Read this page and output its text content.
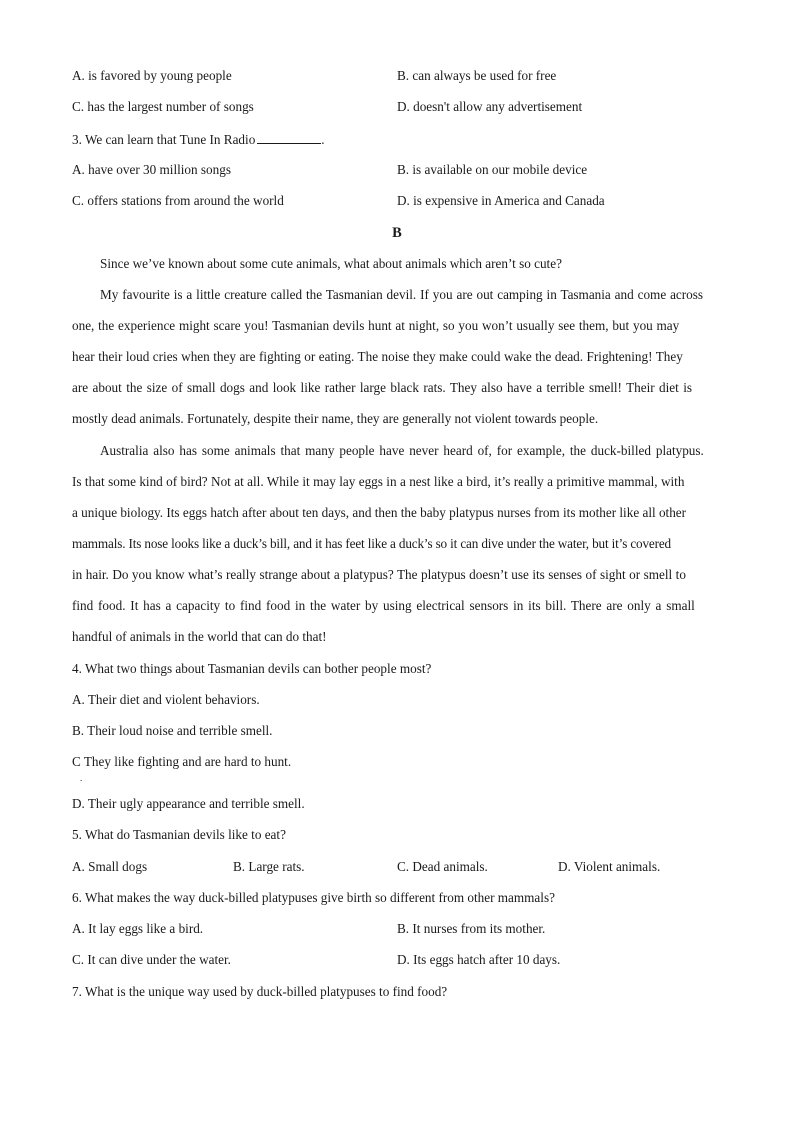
A. is favored by young people	B. can always be used for free
C. has the largest number of songs	D. doesn't allow any advertisement
3. We can learn that Tune In Radio	.
A. have over 30 million songs	B. is available on our mobile device
C. offers stations from around the world	D. is expensive in America and Canada
B
Since we’ve known about some cute animals, what about animals which aren’t so cute?
My favourite is a little creature called the Tasmanian devil. If you are out camping in Tasmania and come across
one, the experience might scare you! Tasmanian devils hunt at night, so you won’t usually see them, but you may
hear their loud cries when they are fighting or eating. The noise they make could wake the dead. Frightening! They
are about the size of small dogs and look like rather large black rats. They also have a terrible smell! Their diet is
mostly dead animals. Fortunately, despite their name, they are generally not violent towards people.
Australia also has some animals that many people have never heard of, for example, the duck-billed platypus.
Is that some kind of bird? Not at all. While it may lay eggs in a nest like a bird, it’s really a primitive mammal, with
a unique biology. Its eggs hatch after about ten days, and then the baby platypus nurses from its mother like all other
mammals. Its nose looks like a duck’s bill, and it has feet like a duck’s so it can dive under the water, but it’s covered
in hair. Do you know what’s really strange about a platypus? The platypus doesn’t use its senses of sight or smell to
find food. It has a capacity to find food in the water by using electrical sensors in its bill. There are only a small
handful of animals in the world that can do that!
4. What two things about Tasmanian devils can bother people most?
A. Their diet and violent behaviors.
B. Their loud noise and terrible smell.
C They like fighting and are hard to hunt.
.
D. Their ugly appearance and terrible smell.
5. What do Tasmanian devils like to eat?
A. Small dogs	B. Large rats.	C. Dead animals.	D. Violent animals.
6. What makes the way duck-billed platypuses give birth so different from other mammals?
A. It lay eggs like a bird.	B. It nurses from its mother.
C. It can dive under the water.	D. Its eggs hatch after 10 days.
7. What is the unique way used by duck-billed platypuses to find food?
